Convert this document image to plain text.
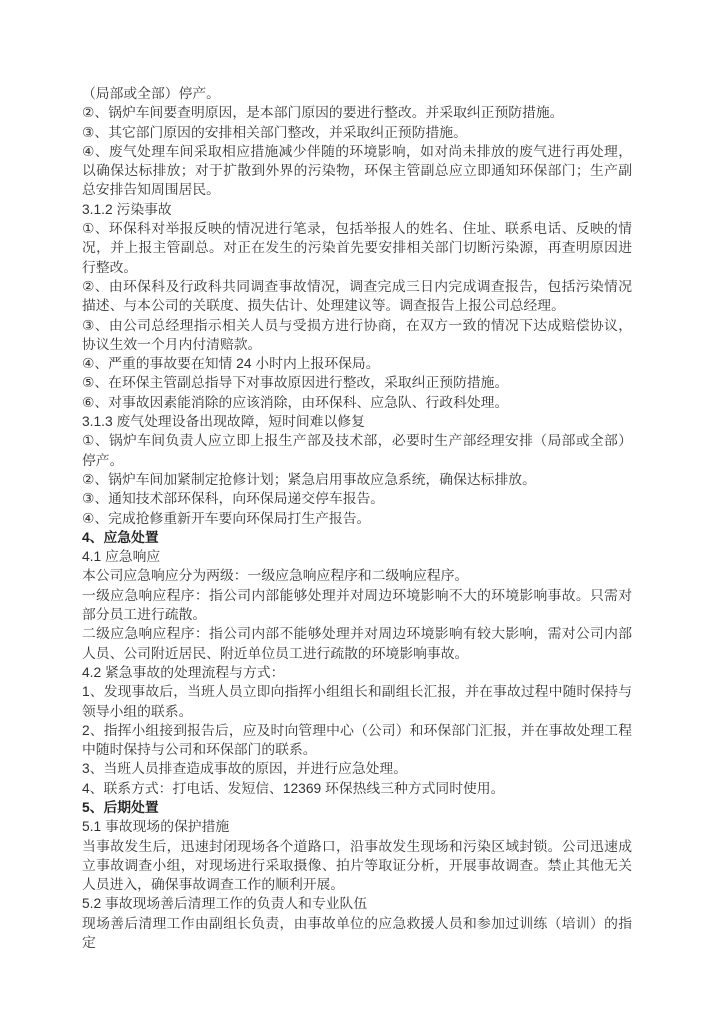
（局部或全部）停产。

②、锅炉车间要查明原因，是本部门原因的要进行整改。并采取纠正预防措施。

③、其它部门原因的安排相关部门整改，并采取纠正预防措施。

④、废气处理车间采取相应措施减少伴随的环境影响，如对尚未排放的废气进行再处理，以确保达标排放；对于扩散到外界的污染物，环保主管副总应立即通知环保部门；生产副总安排告知周围居民。

3.1.2 污染事故

①、环保科对举报反映的情况进行笔录，包括举报人的姓名、住址、联系电话、反映的情况，并上报主管副总。对正在发生的污染首先要安排相关部门切断污染源，再查明原因进行整改。

②、由环保科及行政科共同调查事故情况，调查完成三日内完成调查报告，包括污染情况描述、与本公司的关联度、损失估计、处理建议等。调查报告上报公司总经理。

③、由公司总经理指示相关人员与受损方进行协商，在双方一致的情况下达成赔偿协议，协议生效一个月内付清赔款。

④、严重的事故要在知情 24 小时内上报环保局。

⑤、在环保主管副总指导下对事故原因进行整改，采取纠正预防措施。

⑥、对事故因素能消除的应该消除，由环保科、应急队、行政科处理。

3.1.3 废气处理设备出现故障，短时间难以修复

①、锅炉车间负责人应立即上报生产部及技术部，必要时生产部经理安排（局部或全部）停产。

②、锅炉车间加紧制定抢修计划；紧急启用事故应急系统，确保达标排放。

③、通知技术部环保科，向环保局递交停车报告。

④、完成抢修重新开车要向环保局打生产报告。

4、应急处置

4.1 应急响应

本公司应急响应分为两级：一级应急响应程序和二级响应程序。

一级应急响应程序：指公司内部能够处理并对周边环境影响不大的环境影响事故。只需对部分员工进行疏散。

二级应急响应程序：指公司内部不能够处理并对周边环境影响有较大影响，需对公司内部人员、公司附近居民、附近单位员工进行疏散的环境影响事故。

4.2 紧急事故的处理流程与方式：

1、发现事故后，当班人员立即向指挥小组组长和副组长汇报，并在事故过程中随时保持与领导小组的联系。

2、指挥小组接到报告后，应及时向管理中心（公司）和环保部门汇报，并在事故处理工程中随时保持与公司和环保部门的联系。

3、当班人员排查造成事故的原因，并进行应急处理。

4、联系方式：打电话、发短信、12369 环保热线三种方式同时使用。

5、后期处置

5.1 事故现场的保护措施

当事故发生后，迅速封闭现场各个道路口，沿事故发生现场和污染区域封锁。公司迅速成立事故调查小组，对现场进行采取摄像、拍片等取证分析，开展事故调查。禁止其他无关人员进入，确保事故调查工作的顺利开展。

5.2 事故现场善后清理工作的负责人和专业队伍

现场善后清理工作由副组长负责，由事故单位的应急救援人员和参加过训练（培训）的指定
